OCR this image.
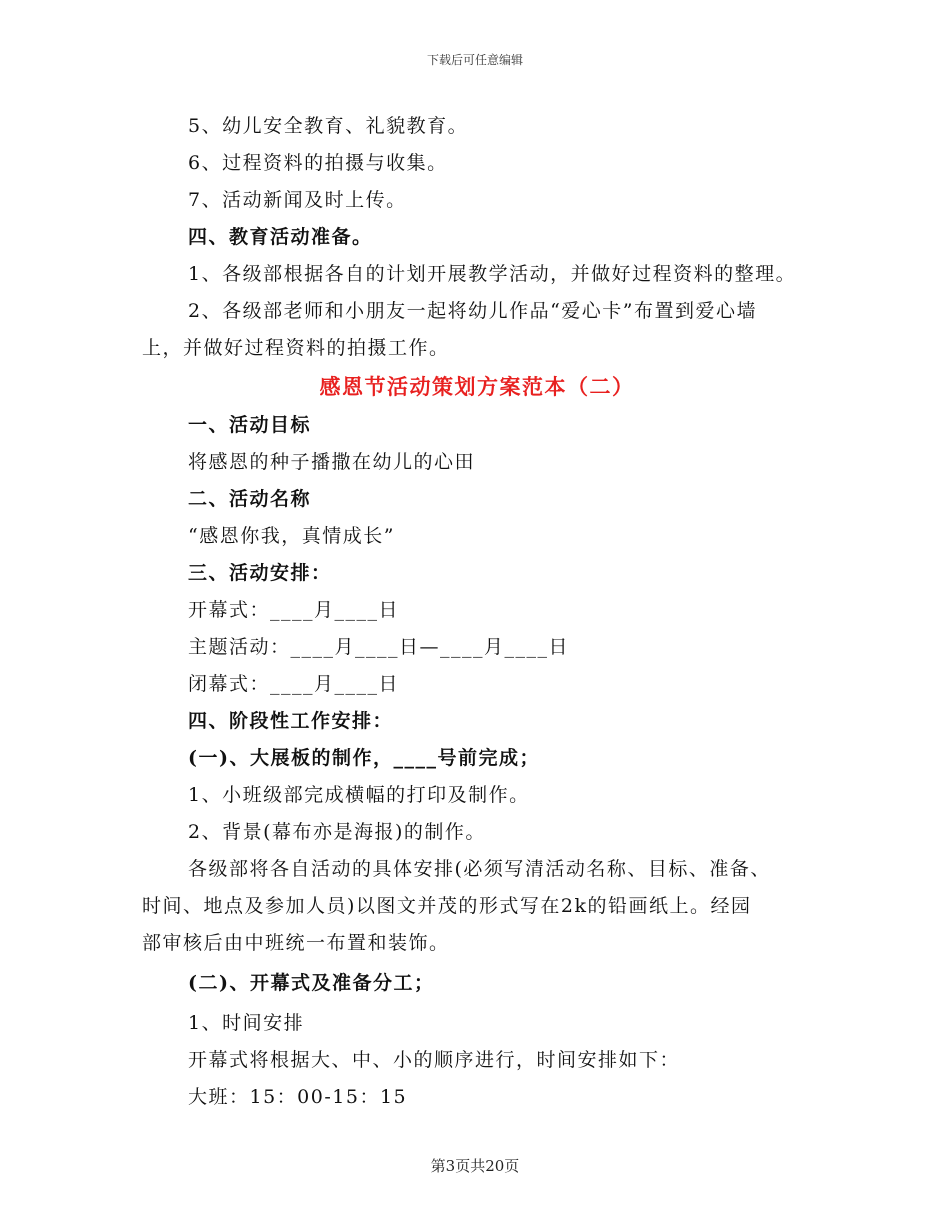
下载后可任意编辑
5、幼儿安全教育、礼貌教育。
6、过程资料的拍摄与收集。
7、活动新闻及时上传。
四、教育活动准备。
1、各级部根据各自的计划开展教学活动，并做好过程资料的整理。
2、各级部老师和小朋友一起将幼儿作品“爱心卡”布置到爱心墙
上，并做好过程资料的拍摄工作。
感恩节活动策划方案范本（二）
一、活动目标
将感恩的种子播撒在幼儿的心田
二、活动名称
“感恩你我，真情成长”
三、活动安排：
开幕式：____月____日
主题活动：____月____日—____月____日
闭幕式：____月____日
四、阶段性工作安排：
(一)、大展板的制作，____号前完成；
1、小班级部完成横幅的打印及制作。
2、背景(幕布亦是海报)的制作。
各级部将各自活动的具体安排(必须写清活动名称、目标、准备、
时间、地点及参加人员)以图文并茂的形式写在2k的铅画纸上。经园
部审核后由中班统一布置和装饰。
(二)、开幕式及准备分工；
1、时间安排
开幕式将根据大、中、小的顺序进行，时间安排如下：
大班：15：00-15：15
第3页共20页
